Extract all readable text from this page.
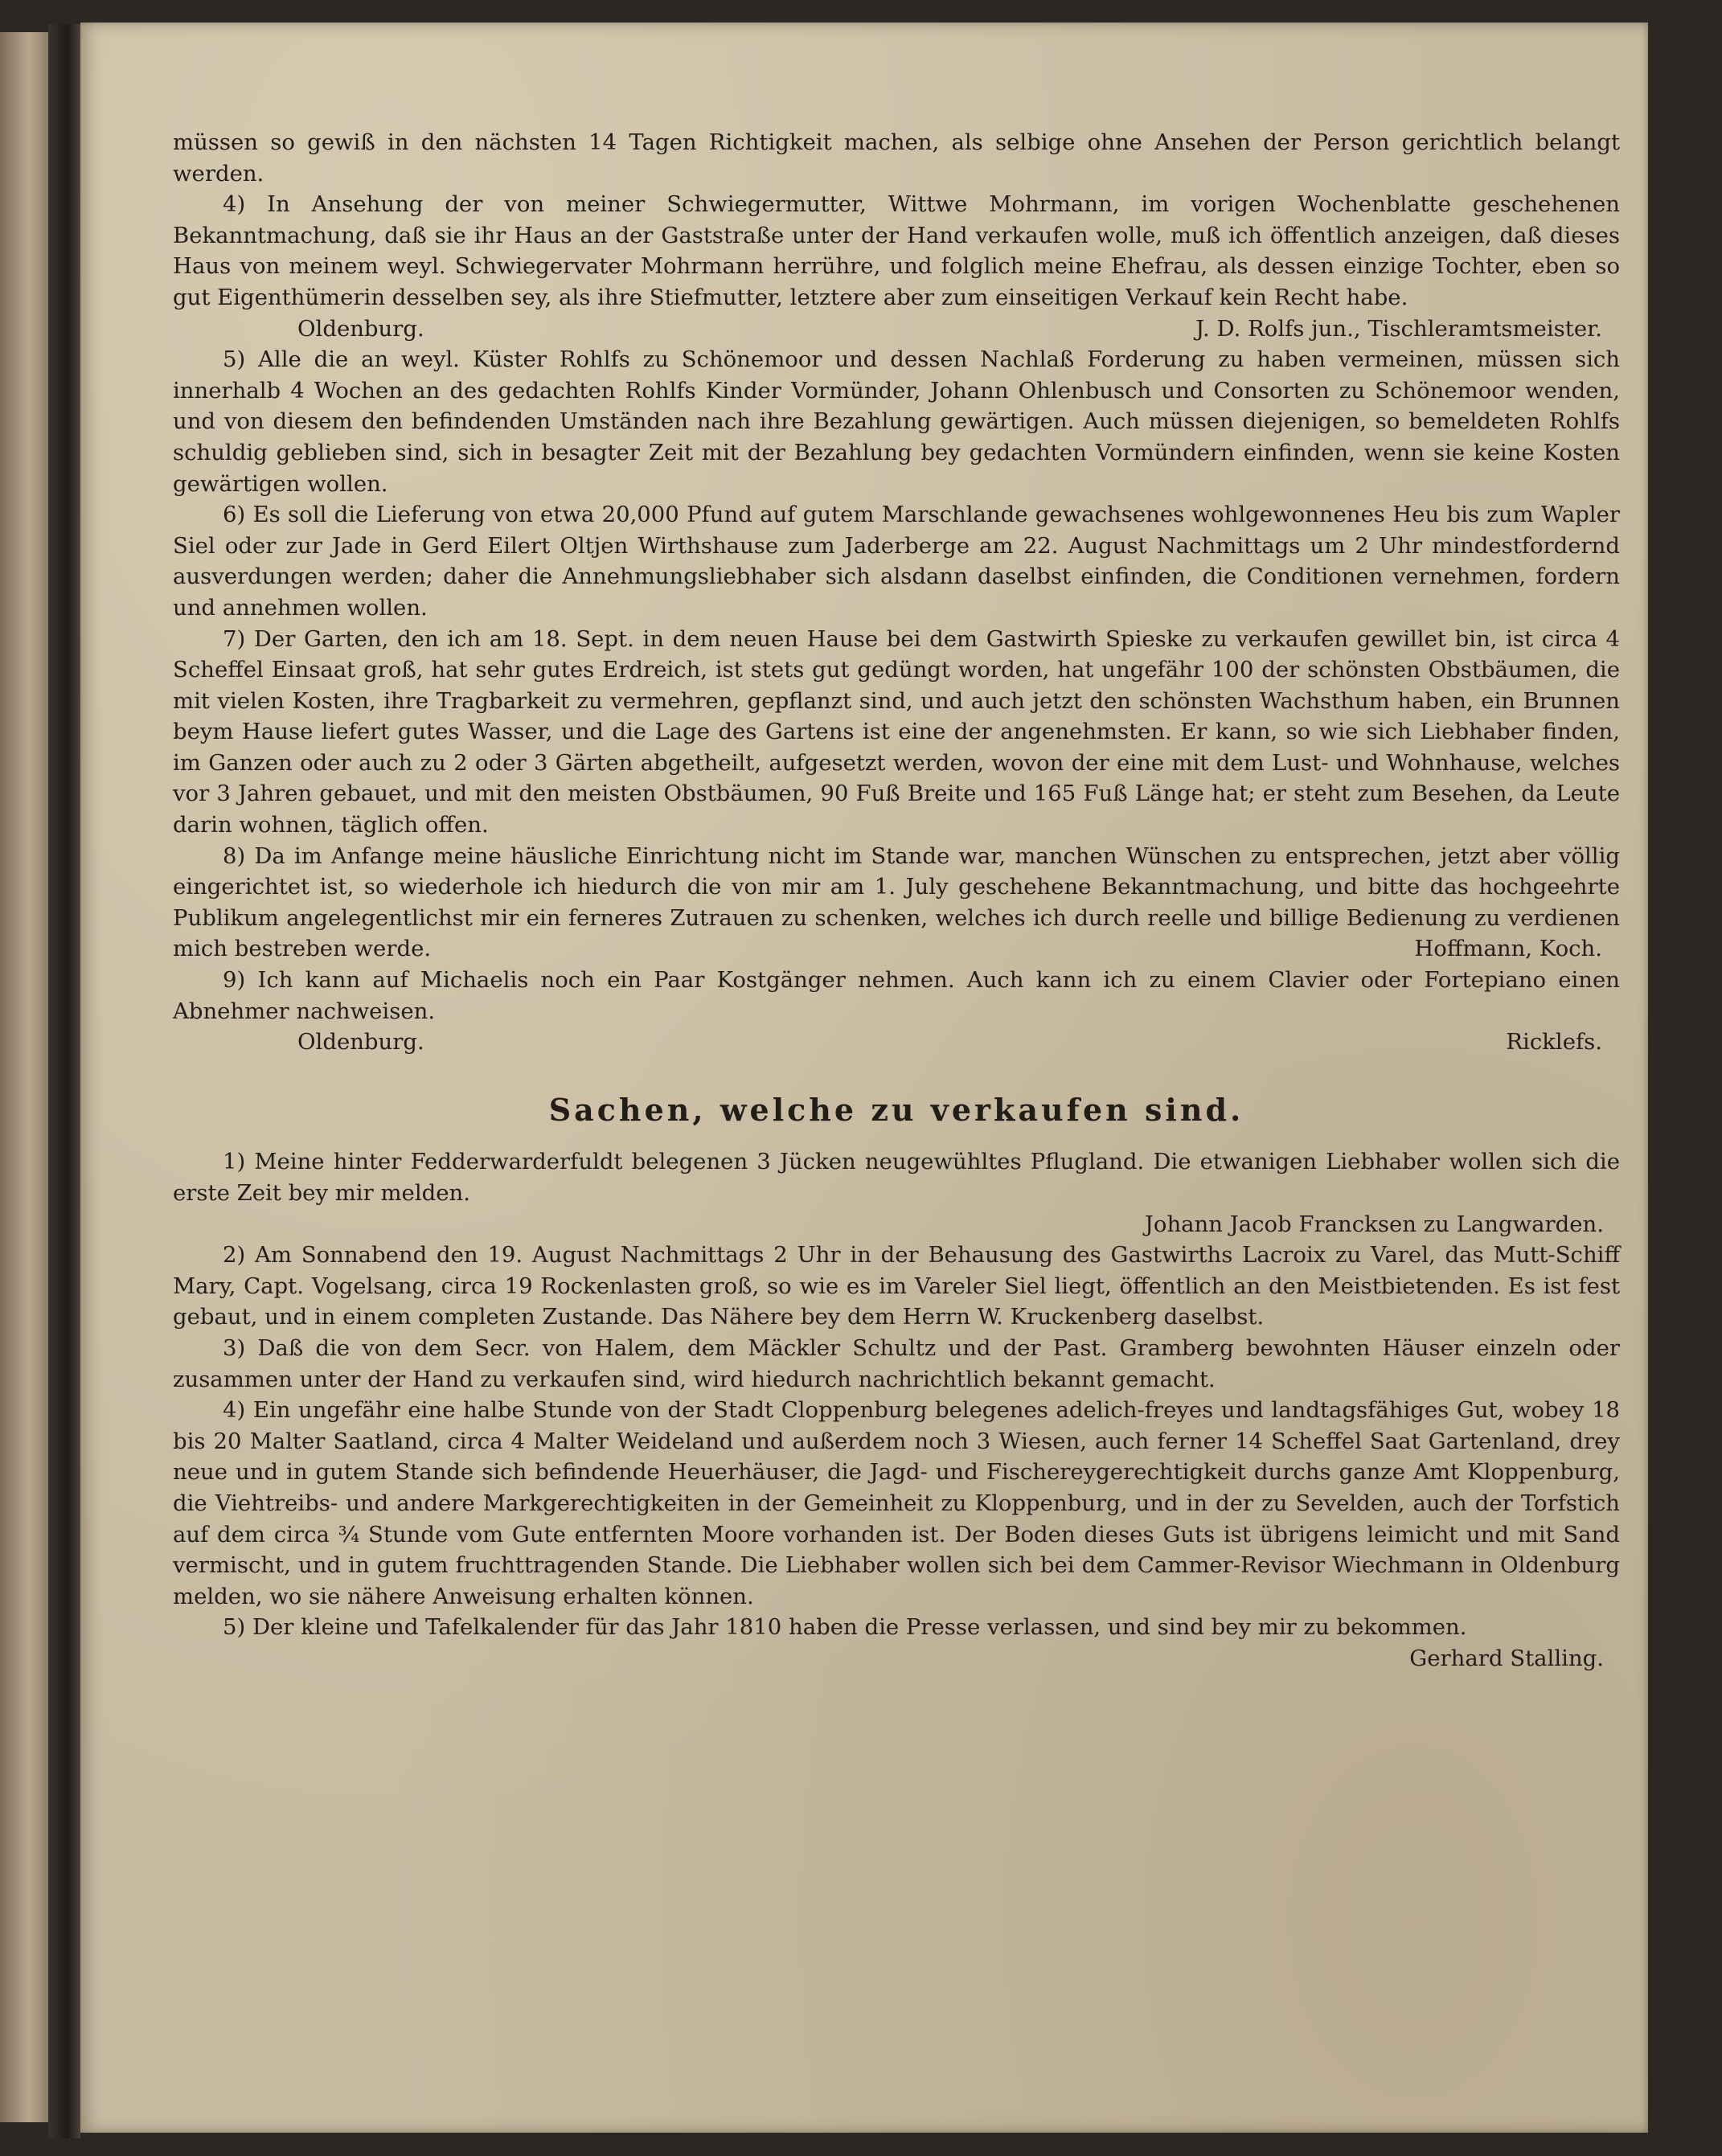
müssen so gewiß in den nächsten 14 Tagen Richtigkeit machen, als selbige ohne Ansehen der Person gerichtlich belangt werden.

4) In Ansehung der von meiner Schwiegermutter, Wittwe Mohrmann, im vorigen Wochenblatte geschehenen Bekanntmachung, daß sie ihr Haus an der Gaststraße unter der Hand verkaufen wolle, muß ich öffentlich anzeigen, daß dieses Haus von meinem weyl. Schwiegervater Mohrmann herrühre, und folglich meine Ehefrau, als dessen einzige Tochter, eben so gut Eigenthümerin desselben sey, als ihre Stiefmutter, letztere aber zum einseitigen Verkauf kein Recht habe.

Oldenburg.	J. D. Rolfs jun., Tischleramtsmeister.

5) Alle die an weyl. Küster Rohlfs zu Schönemoor und dessen Nachlaß Forderung zu haben vermeinen, müssen sich innerhalb 4 Wochen an des gedachten Rohlfs Kinder Vormünder, Johann Ohlenbusch und Consorten zu Schönemoor wenden, und von diesem den befindenden Umständen nach ihre Bezahlung gewärtigen. Auch müssen diejenigen, so bemeldeten Rohlfs schuldig geblieben sind, sich in besagter Zeit mit der Bezahlung bey gedachten Vormündern einfinden, wenn sie keine Kosten gewärtigen wollen.

6) Es soll die Lieferung von etwa 20,000 Pfund auf gutem Marschlande gewachsenes wohlgewonnenes Heu bis zum Wapler Siel oder zur Jade in Gerd Eilert Oltjen Wirthshause zum Jaderberge am 22. August Nachmittags um 2 Uhr mindestfordernd ausverdungen werden; daher die Annehmungsliebhaber sich alsdann daselbst einfinden, die Conditionen vernehmen, fordern und annehmen wollen.

7) Der Garten, den ich am 18. Sept. in dem neuen Hause bei dem Gastwirth Spieske zu verkaufen gewillet bin, ist circa 4 Scheffel Einsaat groß, hat sehr gutes Erdreich, ist stets gut gedüngt worden, hat ungefähr 100 der schönsten Obstbäumen, die mit vielen Kosten, ihre Tragbarkeit zu vermehren, gepflanzt sind, und auch jetzt den schönsten Wachsthum haben, ein Brunnen beym Hause liefert gutes Wasser, und die Lage des Gartens ist eine der angenehmsten. Er kann, so wie sich Liebhaber finden, im Ganzen oder auch zu 2 oder 3 Gärten abgetheilt, aufgesetzt werden, wovon der eine mit dem Lust- und Wohnhause, welches vor 3 Jahren gebauet, und mit den meisten Obstbäumen, 90 Fuß Breite und 165 Fuß Länge hat; er steht zum Besehen, da Leute darin wohnen, täglich offen.

8) Da im Anfange meine häusliche Einrichtung nicht im Stande war, manchen Wünschen zu entsprechen, jetzt aber völlig eingerichtet ist, so wiederhole ich hiedurch die von mir am 1. July geschehene Bekanntmachung, und bitte das hochgeehrte Publikum angelegentlichst mir ein ferneres Zutrauen zu schenken, welches ich durch reelle und billige Bedienung zu verdienen mich bestreben werde.	Hoffmann, Koch.

9) Ich kann auf Michaelis noch ein Paar Kostgänger nehmen. Auch kann ich zu einem Clavier oder Fortepiano einen Abnehmer nachweisen.

Oldenburg.	Ricklefs.
Sachen, welche zu verkaufen sind.

1) Meine hinter Fedderwarderfuldt belegenen 3 Jücken neugewühltes Pflugland. Die etwanigen Liebhaber wollen sich die erste Zeit bey mir melden.

Johann Jacob Francksen zu Langwarden.

2) Am Sonnabend den 19. August Nachmittags 2 Uhr in der Behausung des Gastwirths Lacroix zu Varel, das Mutt-Schiff Mary, Capt. Vogelsang, circa 19 Rockenlasten groß, so wie es im Vareler Siel liegt, öffentlich an den Meistbietenden. Es ist fest gebaut, und in einem completen Zustande. Das Nähere bey dem Herrn W. Kruckenberg daselbst.

3) Daß die von dem Secr. von Halem, dem Mäckler Schultz und der Past. Gramberg bewohnten Häuser einzeln oder zusammen unter der Hand zu verkaufen sind, wird hiedurch nachrichtlich bekannt gemacht.

4) Ein ungefähr eine halbe Stunde von der Stadt Cloppenburg belegenes adelich-freyes und landtagsfähiges Gut, wobey 18 bis 20 Malter Saatland, circa 4 Malter Weideland und außerdem noch 3 Wiesen, auch ferner 14 Scheffel Saat Gartenland, drey neue und in gutem Stande sich befindende Heuerhäuser, die Jagd- und Fischereygerechtigkeit durchs ganze Amt Kloppenburg, die Viehtreibs- und andere Markgerechtigkeiten in der Gemeinheit zu Kloppenburg, und in der zu Sevelden, auch der Torfstich auf dem circa ¾ Stunde vom Gute entfernten Moore vorhanden ist. Der Boden dieses Guts ist übrigens leimicht und mit Sand vermischt, und in gutem fruchttragenden Stande. Die Liebhaber wollen sich bei dem Cammer-Revisor Wiechmann in Oldenburg melden, wo sie nähere Anweisung erhalten können.

5) Der kleine und Tafelkalender für das Jahr 1810 haben die Presse verlassen, und sind bey mir zu bekommen.

Gerhard Stalling.
